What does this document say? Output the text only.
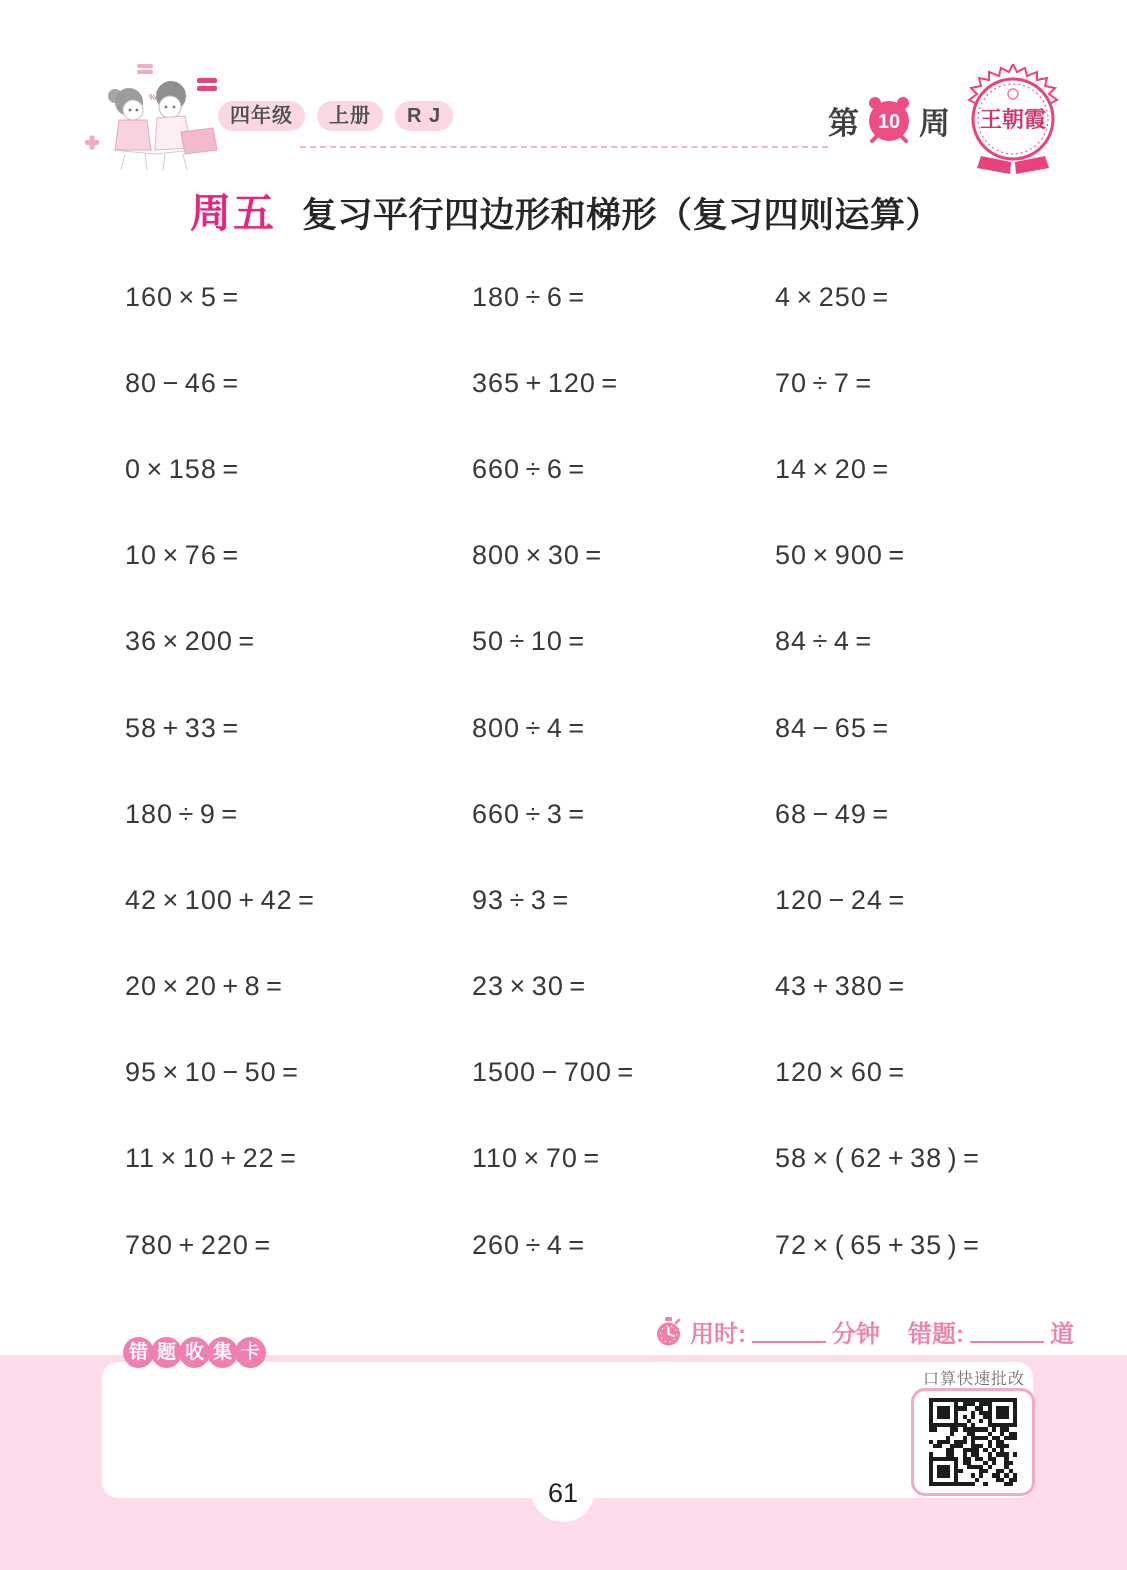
÷
%
四年级	上册	R J	第 10 周 王朝霞
· · · · · ·
周五 复习平行四边形和梯形（复习四则运算）
160 × 5 =	180 ÷ 6 =	4 × 250 =
80 − 46 =	365 + 120 =	70 ÷ 7 =
0 × 158 =	660 ÷ 6 =	14 × 20 =
10 × 76 =	800 × 30 =	50 × 900 =
36 × 200 =	50 ÷ 10 =	84 ÷ 4 =
58 + 33 =	800 ÷ 4 =	84 − 65 =
180 ÷ 9 =	660 ÷ 3 =	68 − 49 =
42 × 100 + 42 =	93 ÷ 3 =	120 − 24 =
20 × 20 + 8 =	23 × 30 =	43 + 380 =
95 × 10 − 50 =	1500 − 700 =	120 × 60 =
11 × 10 + 22 =	110 × 70 =	58 × ( 62 + 38 ) =
780 + 220 =	260 ÷ 4 =	72 × ( 65 + 35 ) =
用时:	分钟 错题:	道
错 题 收 集 卡
口算快速批改
61
